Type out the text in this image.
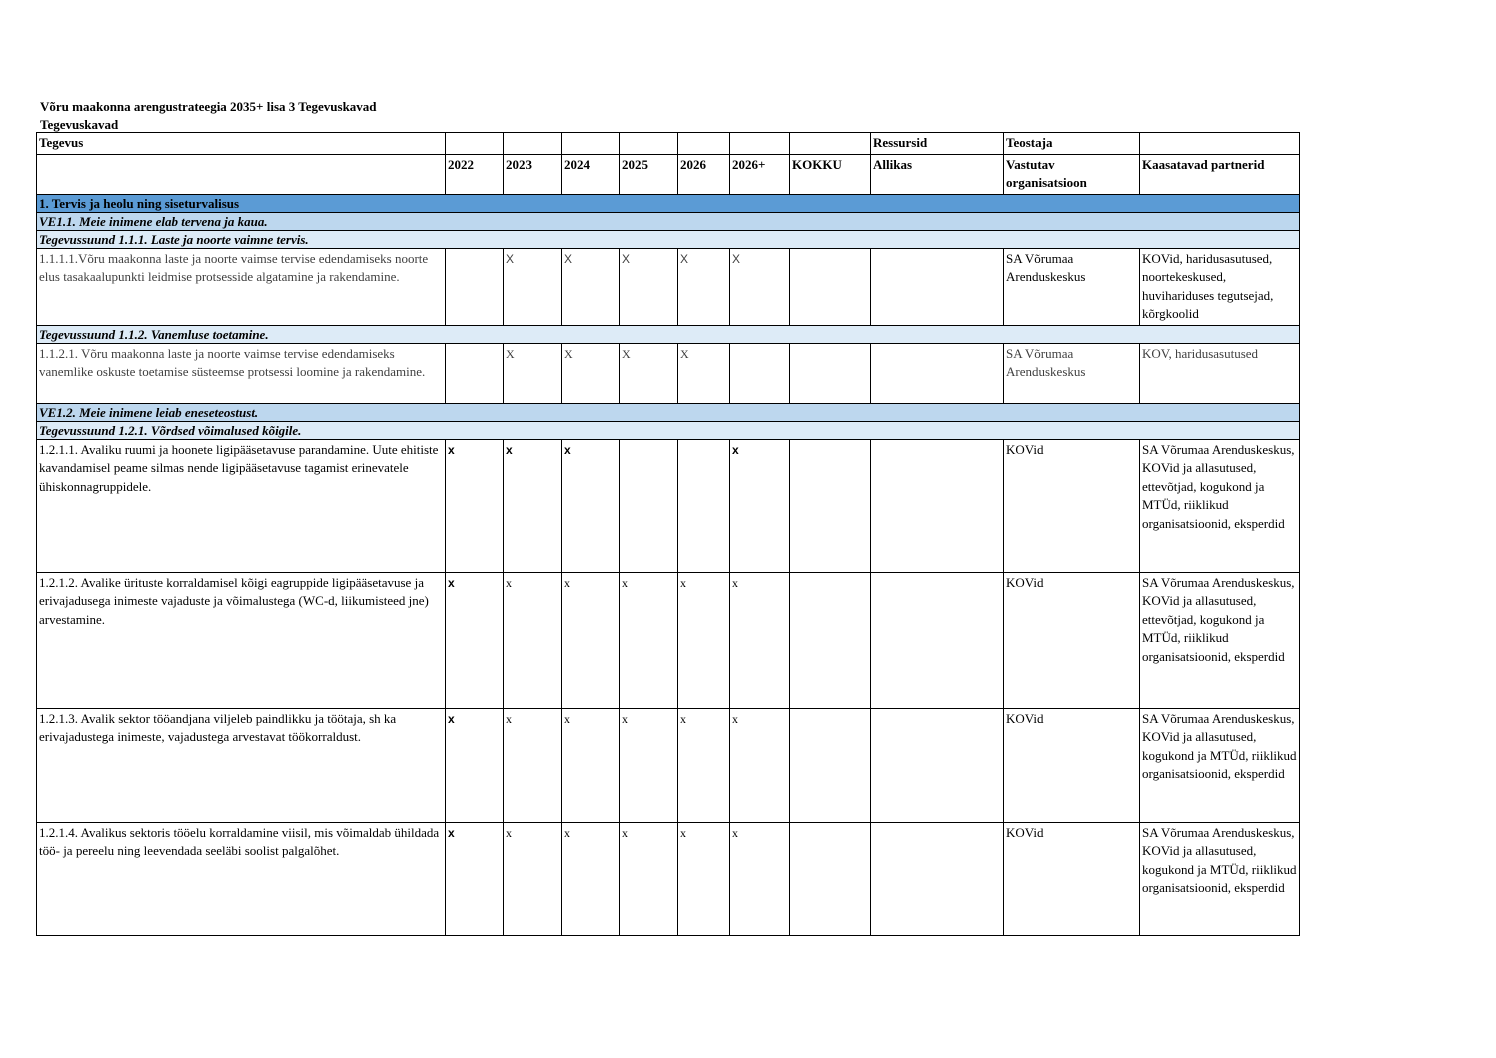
Võru maakonna arengustrateegia 2035+ lisa 3 Tegevuskavad
Tegevuskavad
Tegevus								Ressursid	Teostaja	
	2022	2023	2024	2025	2026	2026+	KOKKU	Allikas	Vastutav organisatsioon	Kaasatavad partnerid
1. Tervis ja heolu ning siseturvalisus										
VE1.1. Meie inimene elab tervena ja kaua.										
Tegevussuund 1.1.1. Laste ja noorte vaimne tervis.										
1.1.1.1.Võru maakonna laste ja noorte vaimse tervise edendamiseks noorte elus tasakaalupunkti leidmise protsesside algatamine ja rakendamine.		X	X	X	X	X			SA Võrumaa Arenduskeskus	KOVid, haridusasutused, noortekeskused, huvihariduses tegutsejad, kõrgkoolid
Tegevussuund 1.1.2. Vanemluse toetamine.										
1.1.2.1. Võru maakonna laste ja noorte vaimse tervise edendamiseks vanemlike oskuste toetamise süsteemse protsessi loomine ja rakendamine.		X	X	X	X				SA Võrumaa Arenduskeskus	KOV, haridusasutused
VE1.2. Meie inimene leiab eneseteostust.										
Tegevussuund 1.2.1. Võrdsed võimalused kõigile.										
1.2.1.1. Avaliku ruumi ja hoonete ligipääsetavuse parandamine. Uute ehitiste kavandamisel peame silmas nende ligipääsetavuse tagamist erinevatele ühiskonnagruppidele.	x	x	x			x			KOVid	SA Võrumaa Arenduskeskus, KOVid ja allasutused, ettevõtjad, kogukond ja MTÜd, riiklikud organisatsioonid, eksperdid
1.2.1.2. Avalike ürituste korraldamisel kõigi eagruppide ligipääsetavuse ja erivajadusega inimeste vajaduste ja võimalustega (WC-d, liikumisteed jne) arvestamine.	x	x	x	x	x	x			KOVid	SA Võrumaa Arenduskeskus, KOVid ja allasutused, ettevõtjad, kogukond ja MTÜd, riiklikud organisatsioonid, eksperdid
1.2.1.3. Avalik sektor tööandjana viljeleb paindlikku ja töötaja, sh ka erivajadustega inimeste, vajadustega arvestavat töökorraldust.	x	x	x	x	x	x			KOVid	SA Võrumaa Arenduskeskus, KOVid ja allasutused, kogukond ja MTÜd, riiklikud organisatsioonid, eksperdid
1.2.1.4. Avalikus sektoris tööelu korraldamine viisil, mis võimaldab ühildada töö- ja pereelu ning leevendada seeläbi soolist palgalõhet.	x	x	x	x	x	x			KOVid	SA Võrumaa Arenduskeskus, KOVid ja allasutused, kogukond ja MTÜd, riiklikud organisatsioonid, eksperdid
